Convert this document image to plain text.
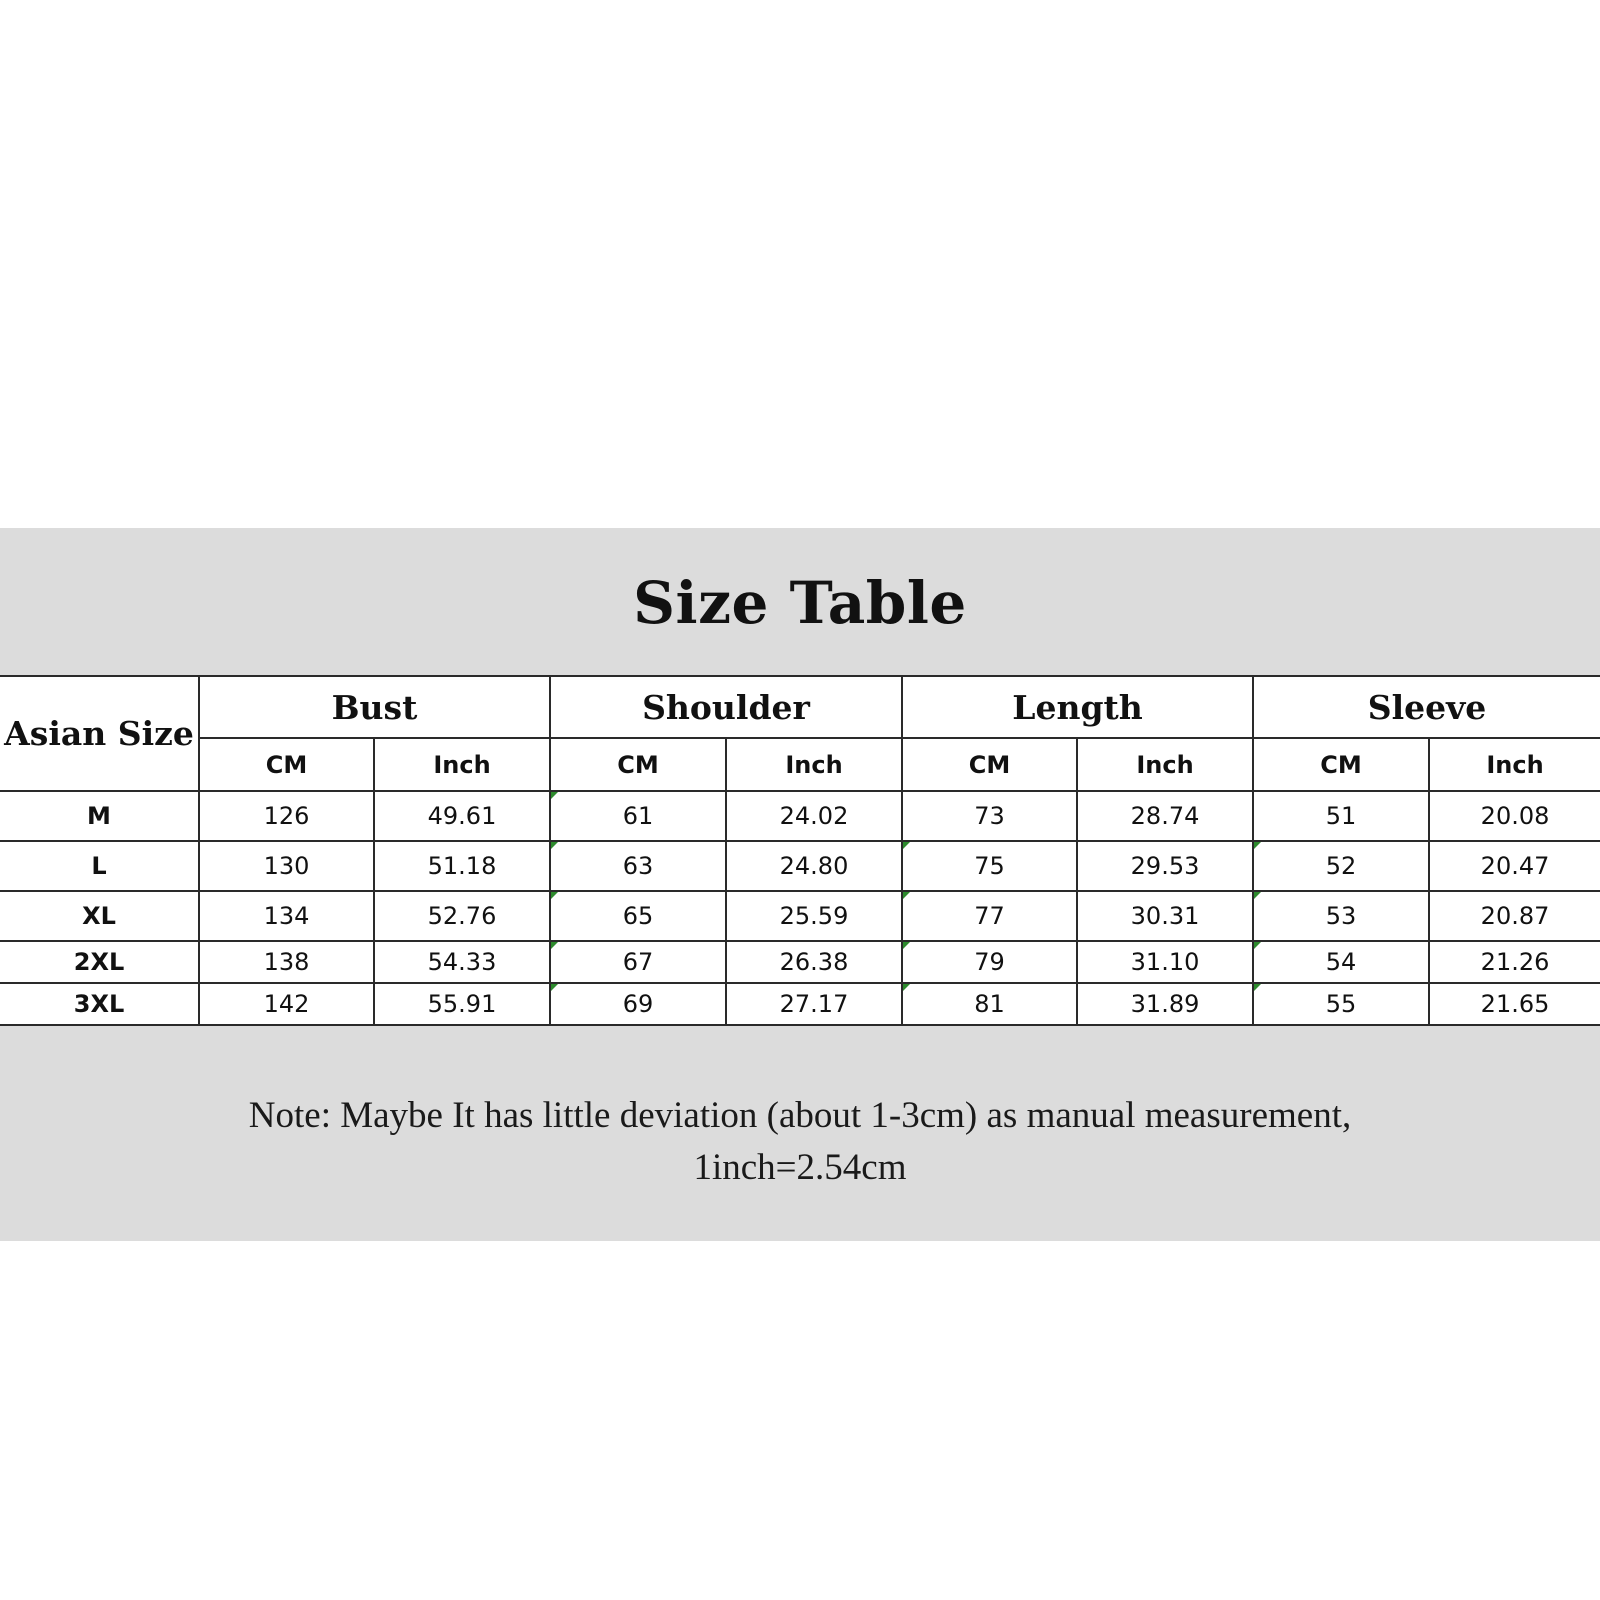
Size Table
Asian Size	Bust		Shoulder		Length		Sleeve	
	CM	Inch	CM	Inch	CM	Inch	CM	Inch
M	126	49.61	61	24.02	73	28.74	51	20.08
L	130	51.18	63	24.80	75	29.53	52	20.47
XL	134	52.76	65	25.59	77	30.31	53	20.87
2XL	138	54.33	67	26.38	79	31.10	54	21.26
3XL	142	55.91	69	27.17	81	31.89	55	21.65
Note: Maybe It has little deviation (about 1-3cm) as manual measurement,
1inch=2.54cm
